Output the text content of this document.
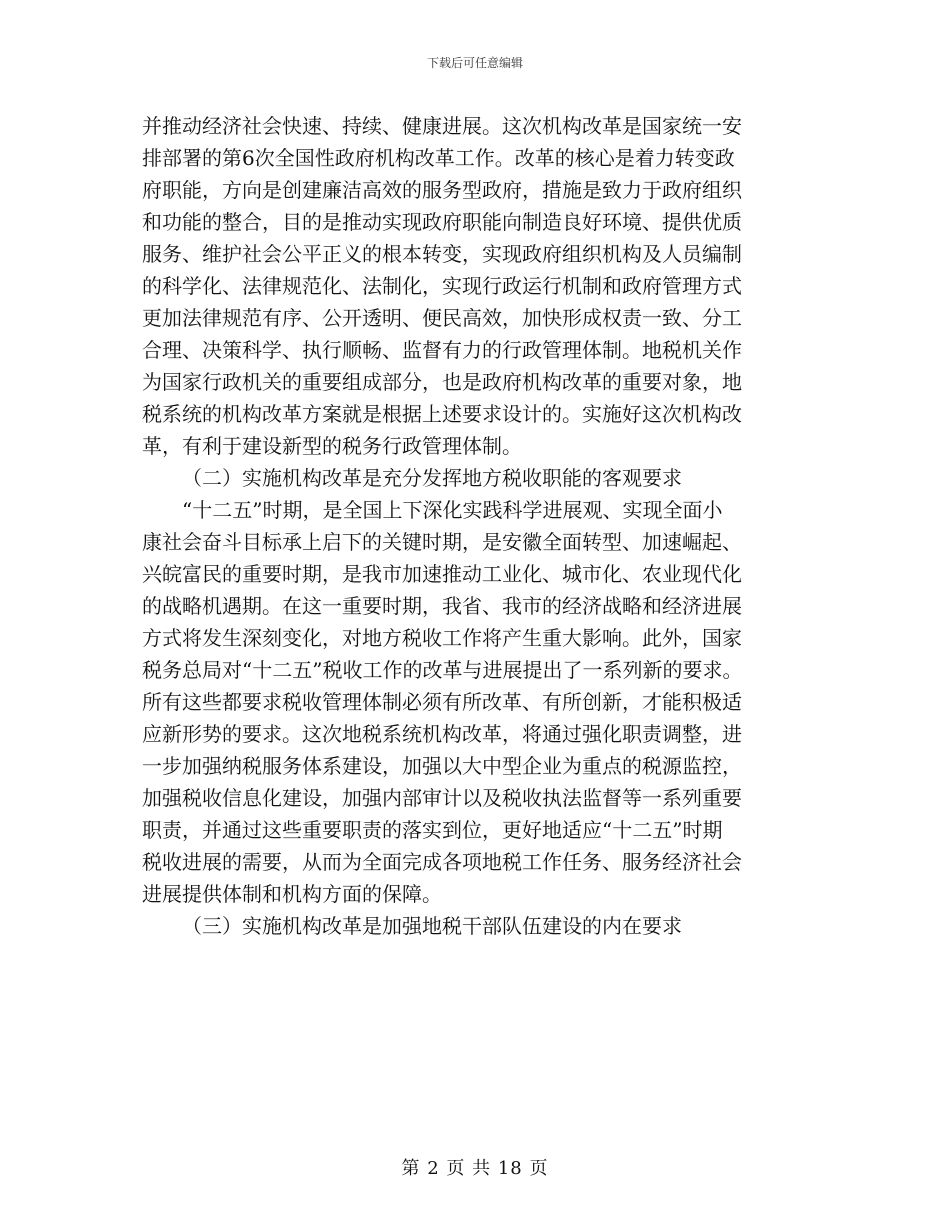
下载后可任意编辑
并推动经济社会快速、持续、健康进展。这次机构改革是国家统一安
排部署的第6次全国性政府机构改革工作。改革的核心是着力转变政
府职能，方向是创建廉洁高效的服务型政府，措施是致力于政府组织
和功能的整合，目的是推动实现政府职能向制造良好环境、提供优质
服务、维护社会公平正义的根本转变，实现政府组织机构及人员编制
的科学化、法律规范化、法制化，实现行政运行机制和政府管理方式
更加法律规范有序、公开透明、便民高效，加快形成权责一致、分工
合理、决策科学、执行顺畅、监督有力的行政管理体制。地税机关作
为国家行政机关的重要组成部分，也是政府机构改革的重要对象，地
税系统的机构改革方案就是根据上述要求设计的。实施好这次机构改
革，有利于建设新型的税务行政管理体制。
（二）实施机构改革是充分发挥地方税收职能的客观要求
“十二五”时期，是全国上下深化实践科学进展观、实现全面小
康社会奋斗目标承上启下的关键时期，是安徽全面转型、加速崛起、
兴皖富民的重要时期，是我市加速推动工业化、城市化、农业现代化
的战略机遇期。在这一重要时期，我省、我市的经济战略和经济进展
方式将发生深刻变化，对地方税收工作将产生重大影响。此外，国家
税务总局对“十二五”税收工作的改革与进展提出了一系列新的要求。
所有这些都要求税收管理体制必须有所改革、有所创新，才能积极适
应新形势的要求。这次地税系统机构改革，将通过强化职责调整，进
一步加强纳税服务体系建设，加强以大中型企业为重点的税源监控，
加强税收信息化建设，加强内部审计以及税收执法监督等一系列重要
职责，并通过这些重要职责的落实到位，更好地适应“十二五”时期
税收进展的需要，从而为全面完成各项地税工作任务、服务经济社会
进展提供体制和机构方面的保障。
（三）实施机构改革是加强地税干部队伍建设的内在要求
第 2 页 共 18 页
